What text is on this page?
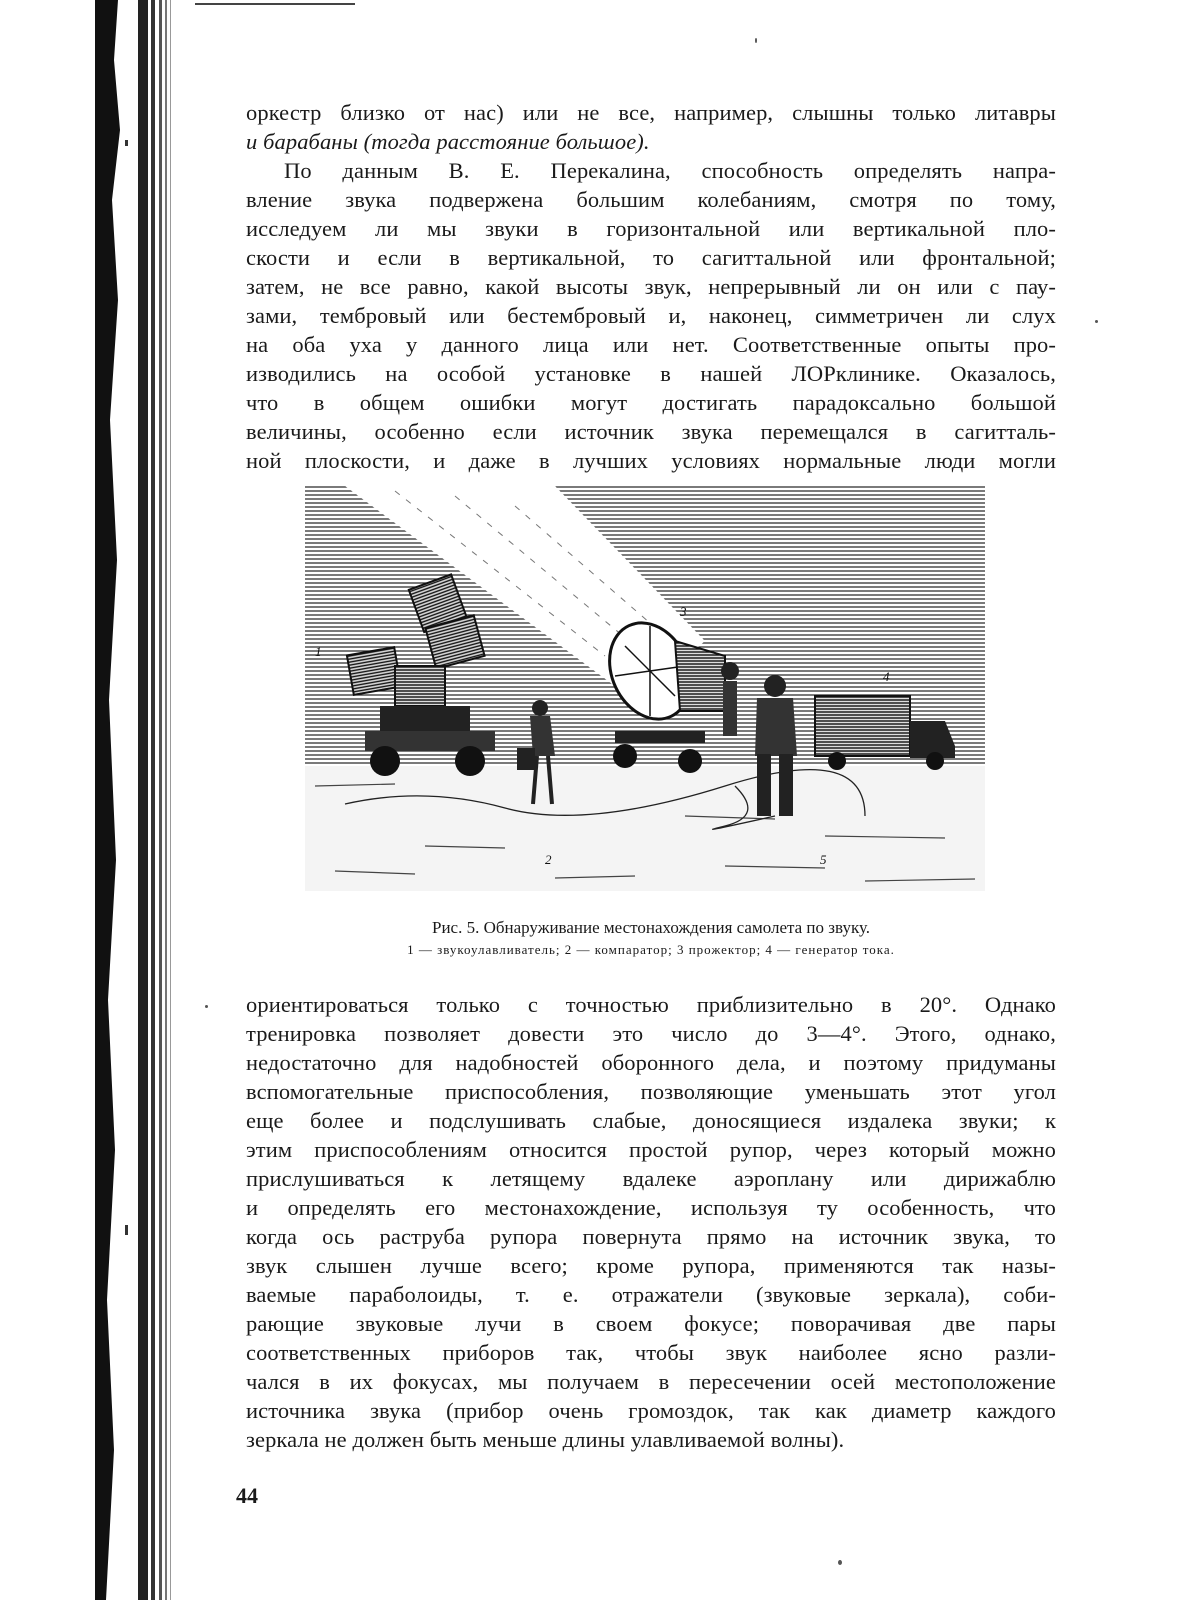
оркестр близко от нас) или не все, например, слышны только литавры
и барабаны (тогда расстояние большое).
По данным В. Е. Перекалина, способность определять напра-
вление звука подвержена большим колебаниям, смотря по тому,
исследуем ли мы звуки в горизонтальной или вертикальной пло-
скости и если в вертикальной, то сагиттальной или фронтальной;
затем, не все равно, какой высоты звук, непрерывный ли он или с пау-
зами, тембровый или бестембровый и, наконец, симметричен ли слух
на оба уха у данного лица или нет. Соответственные опыты про-
изводились на особой установке в нашей ЛОРклинике. Оказалось,
что в общем ошибки могут достигать парадоксально большой
величины, особенно если источник звука перемещался в сагитталь-
ной плоскости, и даже в лучших условиях нормальные люди могли
1
2
3
4
5
Рис. 5. Обнаруживание местонахождения самолета по звуку.
1 — звукоулавливатель; 2 — компаратор; 3 прожектор; 4 — генератор тока.
ориентироваться только с точностью приблизительно в 20°. Однако
тренировка позволяет довести это число до 3—4°. Этого, однако,
недостаточно для надобностей оборонного дела, и поэтому придуманы
вспомогательные приспособления, позволяющие уменьшать этот угол
еще более и подслушивать слабые, доносящиеся издалека звуки; к
этим приспособлениям относится простой рупор, через который можно
прислушиваться к летящему вдалеке аэроплану или дирижаблю
и определять его местонахождение, используя ту особенность, что
когда ось раструба рупора повернута прямо на источник звука, то
звук слышен лучше всего; кроме рупора, применяются так назы-
ваемые параболоиды, т. е. отражатели (звуковые зеркала), соби-
рающие звуковые лучи в своем фокусе; поворачивая две пары
соответственных приборов так, чтобы звук наиболее ясно разли-
чался в их фокусах, мы получаем в пересечении осей местоположение
источника звука (прибор очень громоздок, так как диаметр каждого
зеркала не должен быть меньше длины улавливаемой волны).
44
